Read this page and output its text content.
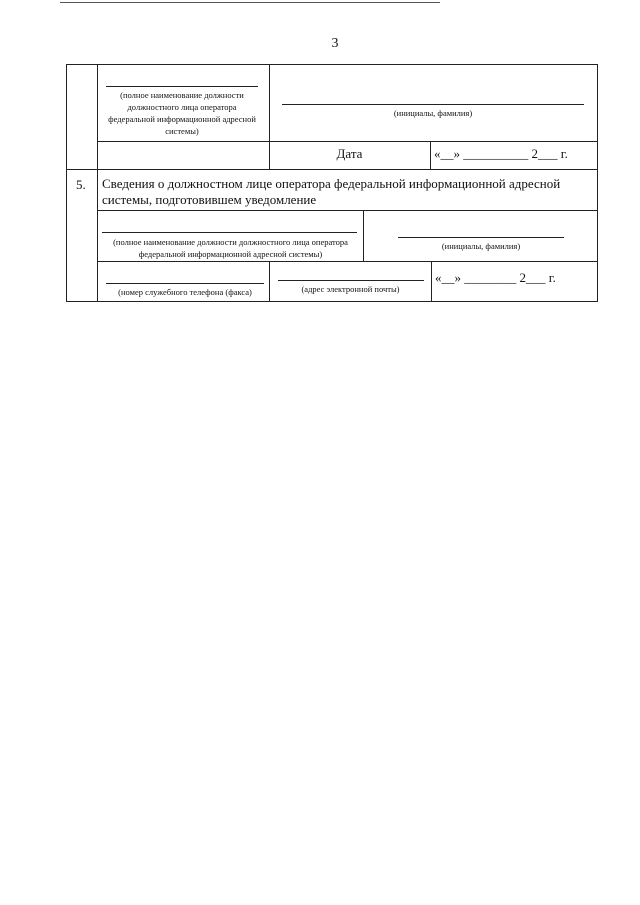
3
(полное наименование должности должностного лица оператора федеральной информационной адресной системы)
(инициалы, фамилия)
Дата	«__» __________ 2___ г.
5. Сведения о должностном лице оператора федеральной информационной адресной системы, подготовившем уведомление
(полное наименование должности должностного лица оператора федеральной информационной адресной системы)
(инициалы, фамилия)
(номер служебного телефона (факса)	(адрес электронной почты)
«__» ________ 2___ г.
